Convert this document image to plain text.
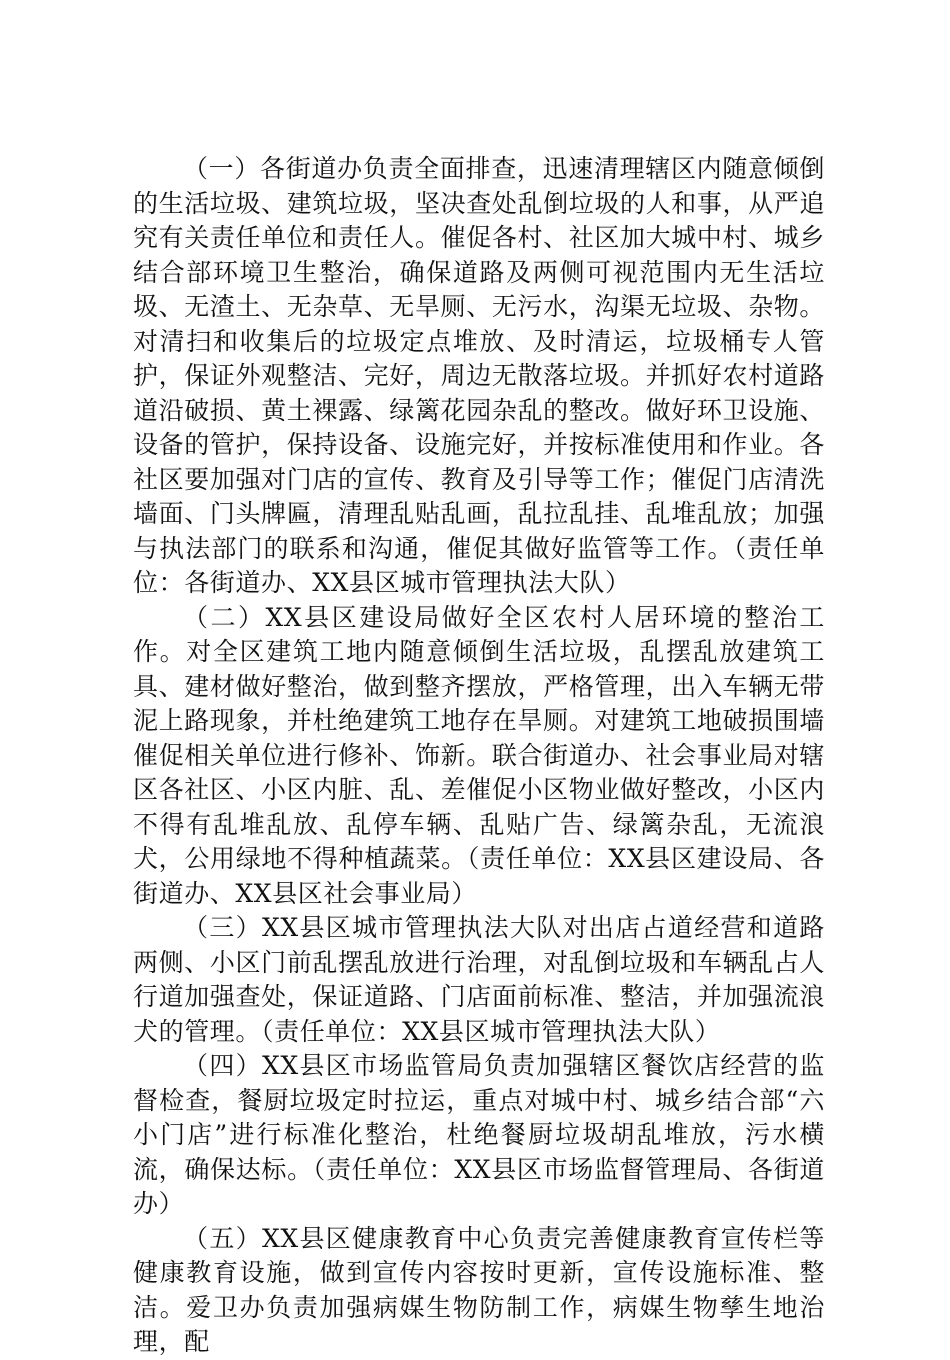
（一）各街道办负责全面排查，迅速清理辖区内随意倾倒的生活垃圾、建筑垃圾，坚决查处乱倒垃圾的人和事，从严追究有关责任单位和责任人。催促各村、社区加大城中村、城乡结合部环境卫生整治，确保道路及两侧可视范围内无生活垃圾、无渣土、无杂草、无旱厕、无污水，沟渠无垃圾、杂物。对清扫和收集后的垃圾定点堆放、及时清运，垃圾桶专人管护，保证外观整洁、完好，周边无散落垃圾。并抓好农村道路道沿破损、黄土裸露、绿篱花园杂乱的整改。做好环卫设施、设备的管护，保持设备、设施完好，并按标准使用和作业。各社区要加强对门店的宣传、教育及引导等工作；催促门店清洗墙面、门头牌匾，清理乱贴乱画，乱拉乱挂、乱堆乱放；加强与执法部门的联系和沟通，催促其做好监管等工作。（责任单位：各街道办、XX县区城市管理执法大队）

（二）XX县区建设局做好全区农村人居环境的整治工作。对全区建筑工地内随意倾倒生活垃圾，乱摆乱放建筑工具、建材做好整治，做到整齐摆放，严格管理，出入车辆无带泥上路现象，并杜绝建筑工地存在旱厕。对建筑工地破损围墙催促相关单位进行修补、饰新。联合街道办、社会事业局对辖区各社区、小区内脏、乱、差催促小区物业做好整改，小区内不得有乱堆乱放、乱停车辆、乱贴广告、绿篱杂乱，无流浪犬，公用绿地不得种植蔬菜。（责任单位：XX县区建设局、各街道办、XX县区社会事业局）

（三）XX县区城市管理执法大队对出店占道经营和道路两侧、小区门前乱摆乱放进行治理，对乱倒垃圾和车辆乱占人行道加强查处，保证道路、门店面前标准、整洁，并加强流浪犬的管理。（责任单位：XX县区城市管理执法大队）

（四）XX县区市场监管局负责加强辖区餐饮店经营的监督检查，餐厨垃圾定时拉运，重点对城中村、城乡结合部“六小门店”进行标准化整治，杜绝餐厨垃圾胡乱堆放，污水横流，确保达标。（责任单位：XX县区市场监督管理局、各街道办）

（五）XX县区健康教育中心负责完善健康教育宣传栏等健康教育设施，做到宣传内容按时更新，宣传设施标准、整洁。爱卫办负责加强病媒生物防制工作，病媒生物孳生地治理，配
